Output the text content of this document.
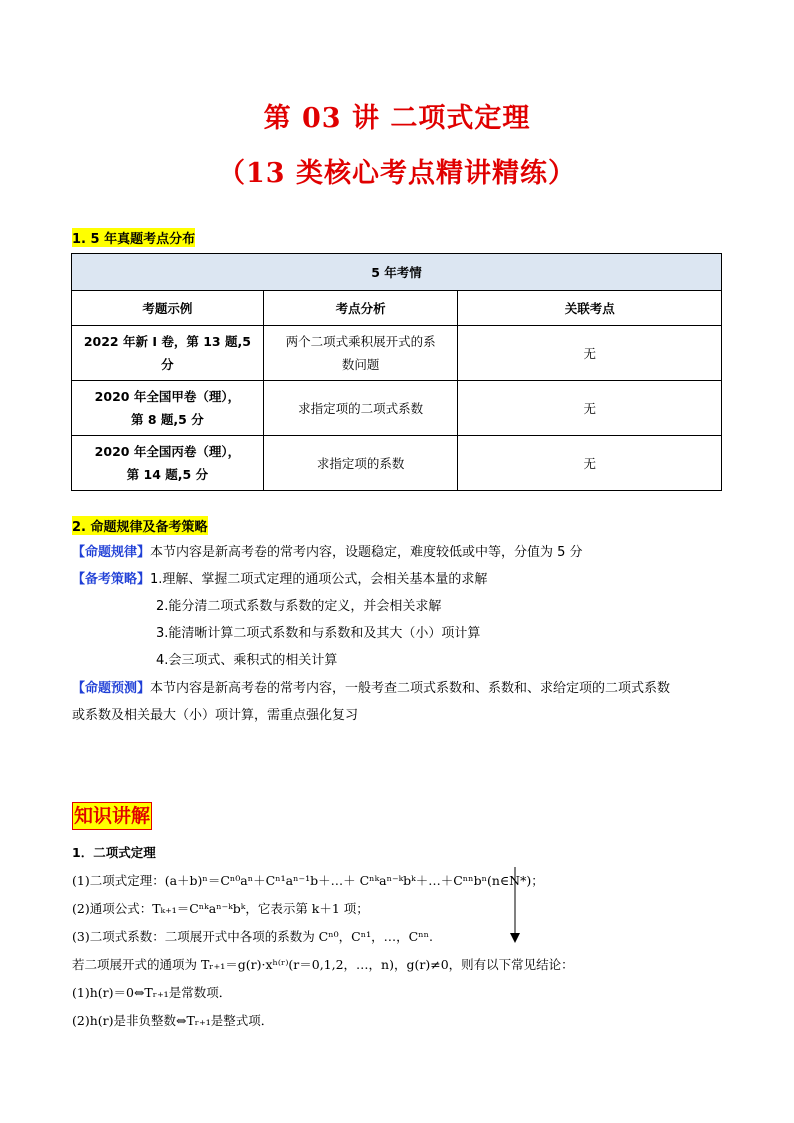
第 03 讲 二项式定理
（13 类核心考点精讲精练）
1. 5 年真题考点分布
5 年考情		
考题示例	考点分析	关联考点
2022 年新 I 卷，第 13 题,5 分	两个二项式乘积展开式的系
数问题	无
2020 年全国甲卷（理），
第 8 题,5 分	求指定项的二项式系数	无
2020 年全国丙卷（理），
第 14 题,5 分	求指定项的系数	无
2. 命题规律及备考策略
【命题规律】本节内容是新高考卷的常考内容，设题稳定，难度较低或中等，分值为 5 分
【备考策略】1.理解、掌握二项式定理的通项公式，会相关基本量的求解
2.能分清二项式系数与系数的定义，并会相关求解
3.能清晰计算二项式系数和与系数和及其大（小）项计算
4.会三项式、乘积式的相关计算
【命题预测】本节内容是新高考卷的常考内容，一般考查二项式系数和、系数和、求给定项的二项式系数
或系数及相关最大（小）项计算，需重点强化复习
知识讲解
1．二项式定理
(1)二项式定理：(a＋b)ⁿ＝Cⁿ⁰aⁿ＋Cⁿ¹aⁿ⁻¹b＋…＋ Cⁿᵏaⁿ⁻ᵏbᵏ＋…＋Cⁿⁿbⁿ(n∈N*)；
(2)通项公式：Tₖ₊₁＝Cⁿᵏaⁿ⁻ᵏbᵏ，它表示第 k＋1 项；
(3)二项式系数：二项展开式中各项的系数为 Cⁿ⁰，Cⁿ¹，…，Cⁿⁿ.
若二项展开式的通项为 Tᵣ₊₁＝g(r)·xʰ⁽ʳ⁾(r＝0,1,2，…，n)，g(r)≠0，则有以下常见结论：
(1)h(r)＝0⇔Tᵣ₊₁是常数项．
(2)h(r)是非负整数⇔Tᵣ₊₁是整式项．
